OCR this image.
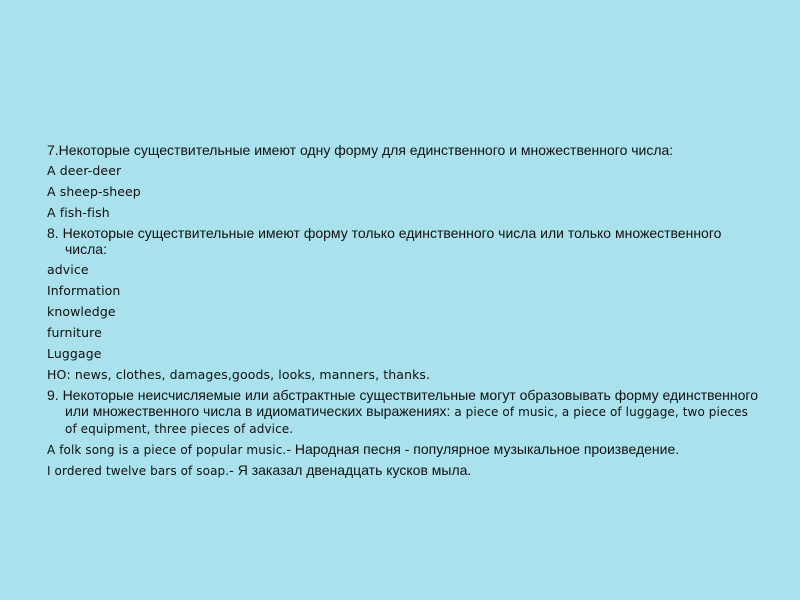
7.Некоторые существительные имеют одну форму для единственного и множественного числа:
A deer-deer
A sheep-sheep
A fish-fish
8. Некоторые существительные имеют форму только единственного числа или только множественного числа:
advice
Information
knowledge
furniture
Luggage
НО: news, clothes, damages,goods, looks, manners, thanks.
9. Некоторые неисчисляемые или абстрактные существительные могут образовывать форму единственного или множественного числа в идиоматических выражениях: a piece of music, a piece of luggage, two pieces of equipment, three pieces of advice.
A folk song is a piece of popular music.- Народная песня - популярное музыкальное произведение.
I ordered twelve bars of soap.- Я заказал двенадцать кусков мыла.
